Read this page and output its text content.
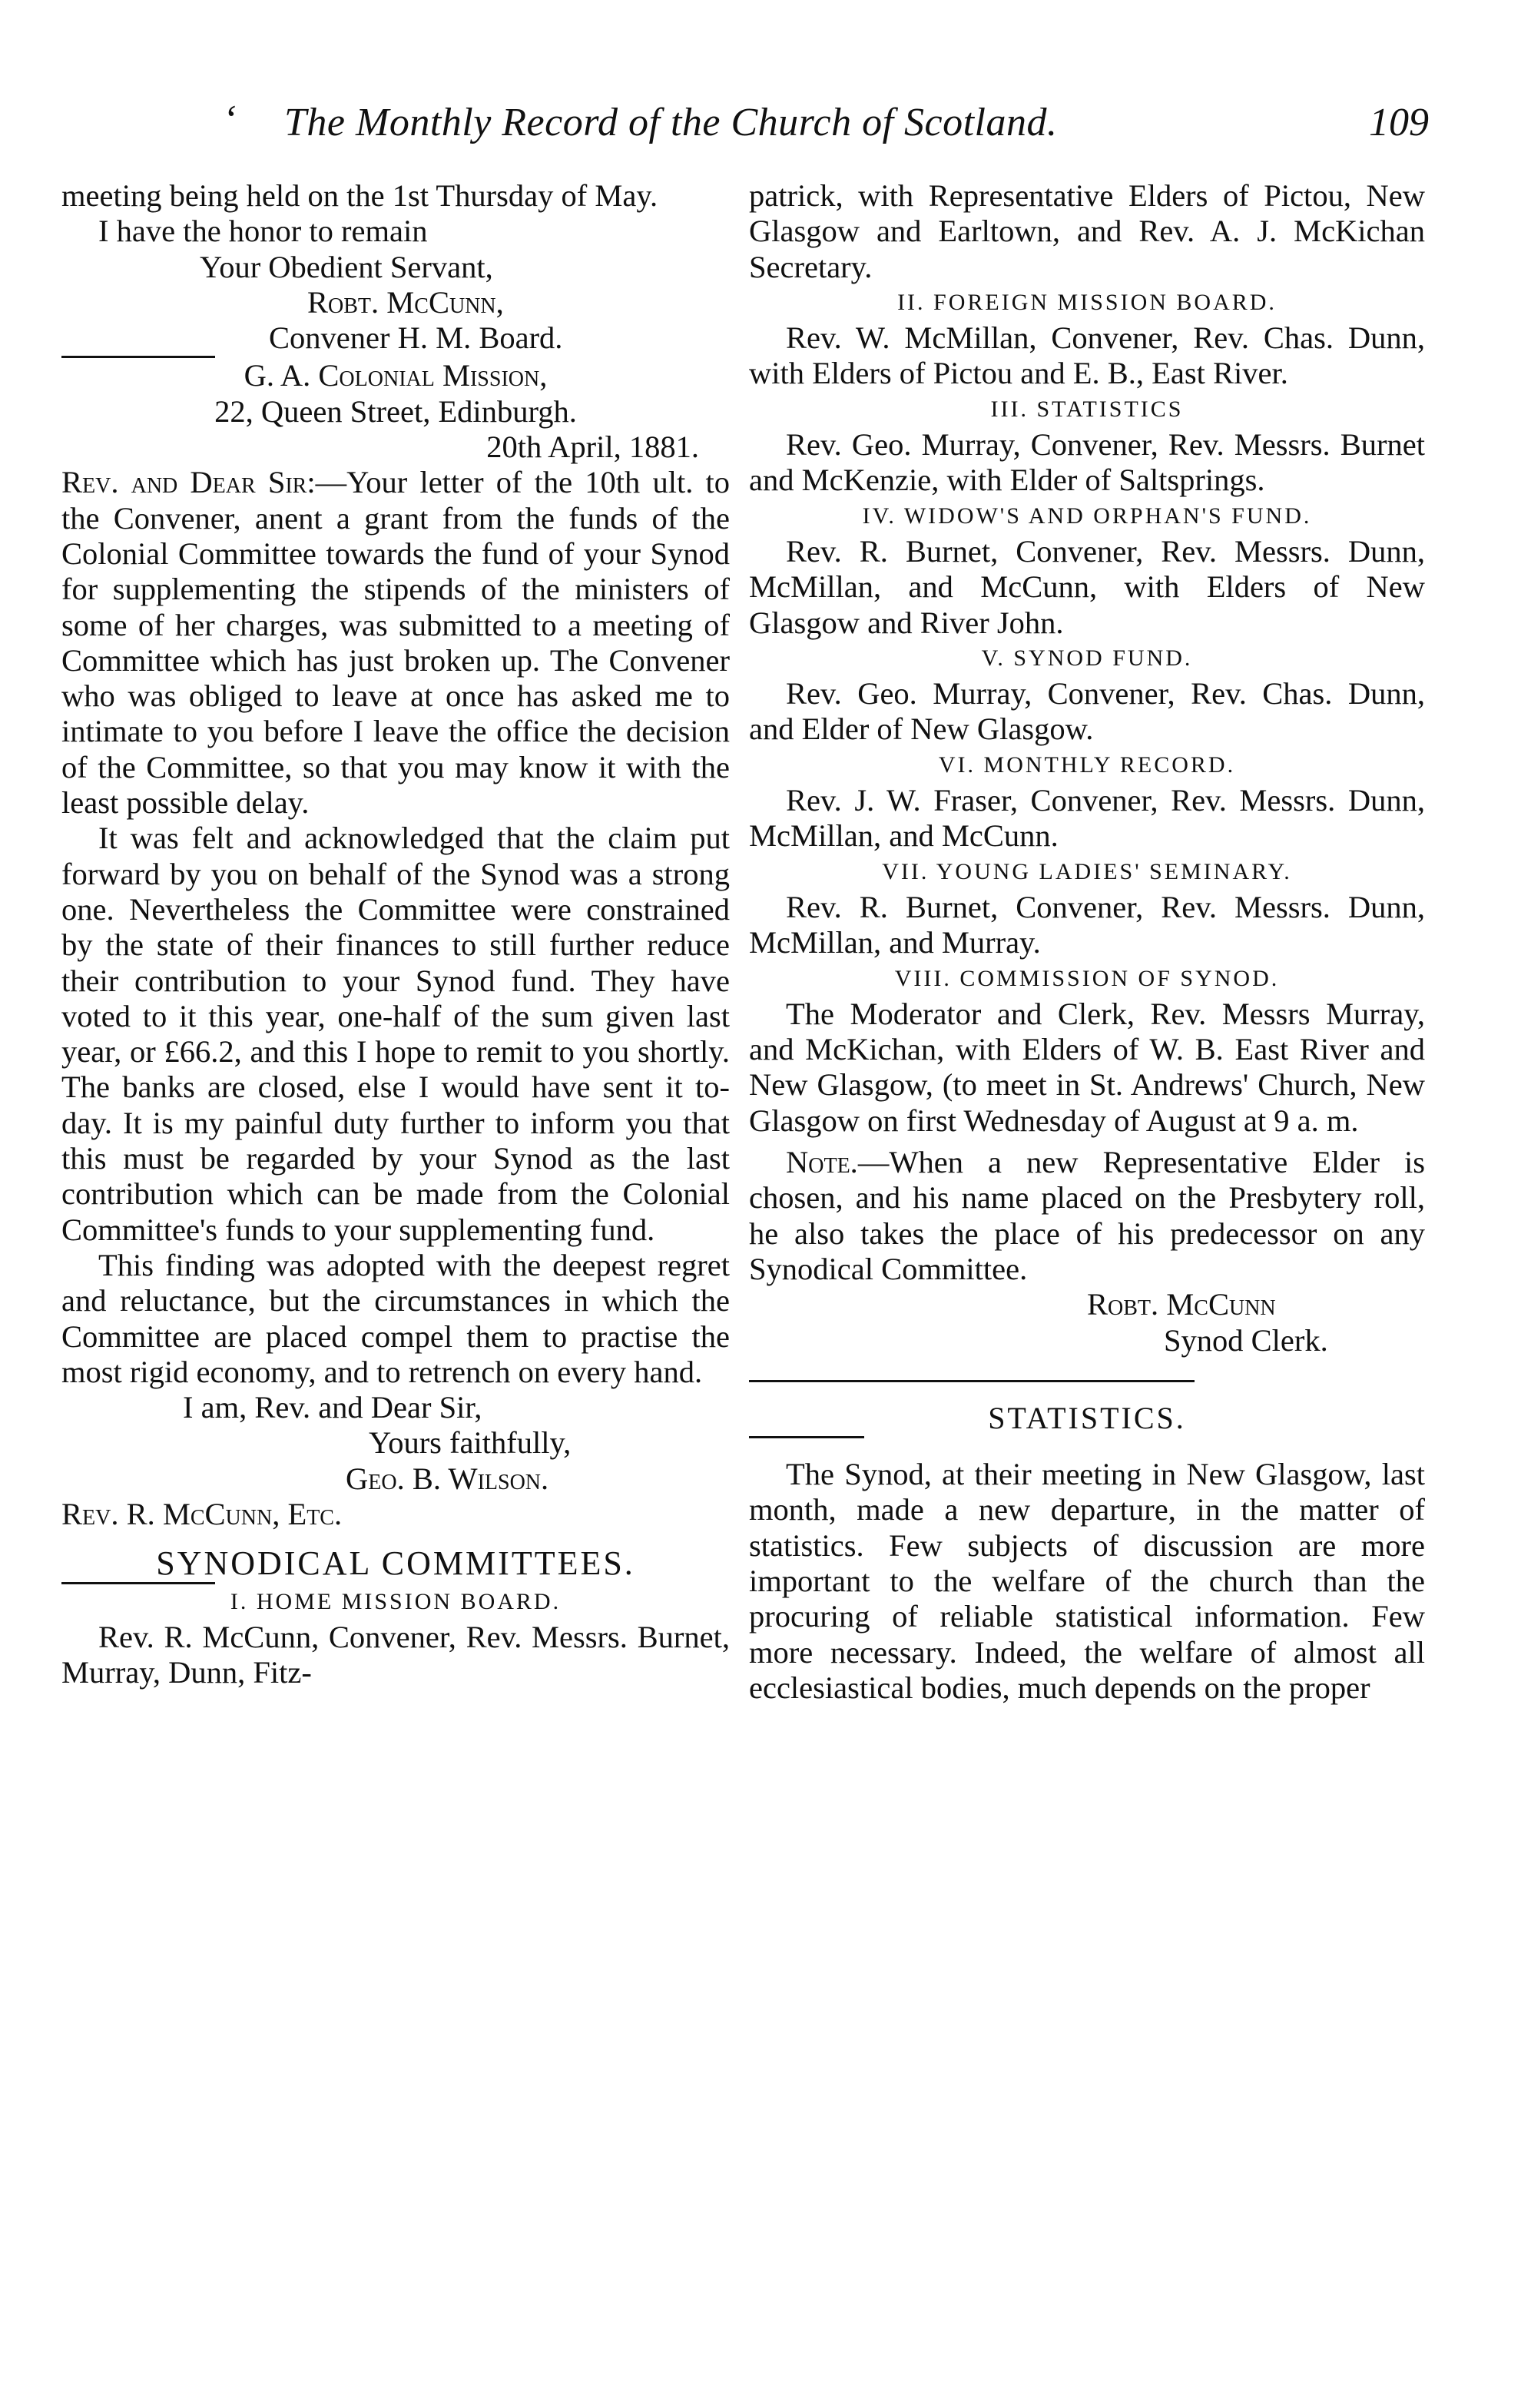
‘ The Monthly Record of the Church of Scotland.	109

meeting being held on the 1st Thursday of May.

I have the honor to remain

Your Obedient Servant,

Robt. McCunn,

Convener H. M. Board.

G. A. Colonial Mission,

22, Queen Street, Edinburgh.

20th April, 1881.

Rev. and Dear Sir:—Your letter of the 10th ult. to the Convener, anent a grant from the funds of the Colonial Committee towards the fund of your Synod for supplementing the stipends of the ministers of some of her charges, was submitted to a meeting of Committee which has just broken up. The Convener who was obliged to leave at once has asked me to intimate to you before I leave the office the decision of the Committee, so that you may know it with the least possible delay.

It was felt and acknowledged that the claim put forward by you on behalf of the Synod was a strong one. Nevertheless the Committee were constrained by the state of their finances to still further reduce their contribution to your Synod fund. They have voted to it this year, one-half of the sum given last year, or £66.2, and this I hope to remit to you shortly. The banks are closed, else I would have sent it to-day. It is my painful duty further to inform you that this must be regarded by your Synod as the last contribution which can be made from the Colonial Committee's funds to your supplementing fund.

This finding was adopted with the deepest regret and reluctance, but the circumstances in which the Committee are placed compel them to practise the most rigid economy, and to retrench on every hand.

I am, Rev. and Dear Sir,

Yours faithfully,

Geo. B. Wilson.

Rev. R. McCunn, Etc.

SYNODICAL COMMITTEES.
I. HOME MISSION BOARD.

Rev. R. McCunn, Convener, Rev. Messrs. Burnet, Murray, Dunn, Fitz-

patrick, with Representative Elders of Pictou, New Glasgow and Earltown, and Rev. A. J. McKichan Secretary.

II. FOREIGN MISSION BOARD.

Rev. W. McMillan, Convener, Rev. Chas. Dunn, with Elders of Pictou and E. B., East River.

III. STATISTICS

Rev. Geo. Murray, Convener, Rev. Messrs. Burnet and McKenzie, with Elder of Saltsprings.

IV. WIDOW'S AND ORPHAN'S FUND.

Rev. R. Burnet, Convener, Rev. Messrs. Dunn, McMillan, and McCunn, with Elders of New Glasgow and River John.

V. SYNOD FUND.

Rev. Geo. Murray, Convener, Rev. Chas. Dunn, and Elder of New Glasgow.

VI. MONTHLY RECORD.

Rev. J. W. Fraser, Convener, Rev. Messrs. Dunn, McMillan, and McCunn.

VII. YOUNG LADIES' SEMINARY.

Rev. R. Burnet, Convener, Rev. Messrs. Dunn, McMillan, and Murray.

VIII. COMMISSION OF SYNOD.

The Moderator and Clerk, Rev. Messrs Murray, and McKichan, with Elders of W. B. East River and New Glasgow, (to meet in St. Andrews' Church, New Glasgow on first Wednesday of August at 9 a. m.

Note.—When a new Representative Elder is chosen, and his name placed on the Presbytery roll, he also takes the place of his predecessor on any Synodical Committee.

Robt. McCunn

Synod Clerk.

STATISTICS.

The Synod, at their meeting in New Glasgow, last month, made a new departure, in the matter of statistics. Few subjects of discussion are more important to the welfare of the church than the procuring of reliable statistical information. Few more necessary. Indeed, the welfare of almost all ecclesiastical bodies, much depends on the proper
